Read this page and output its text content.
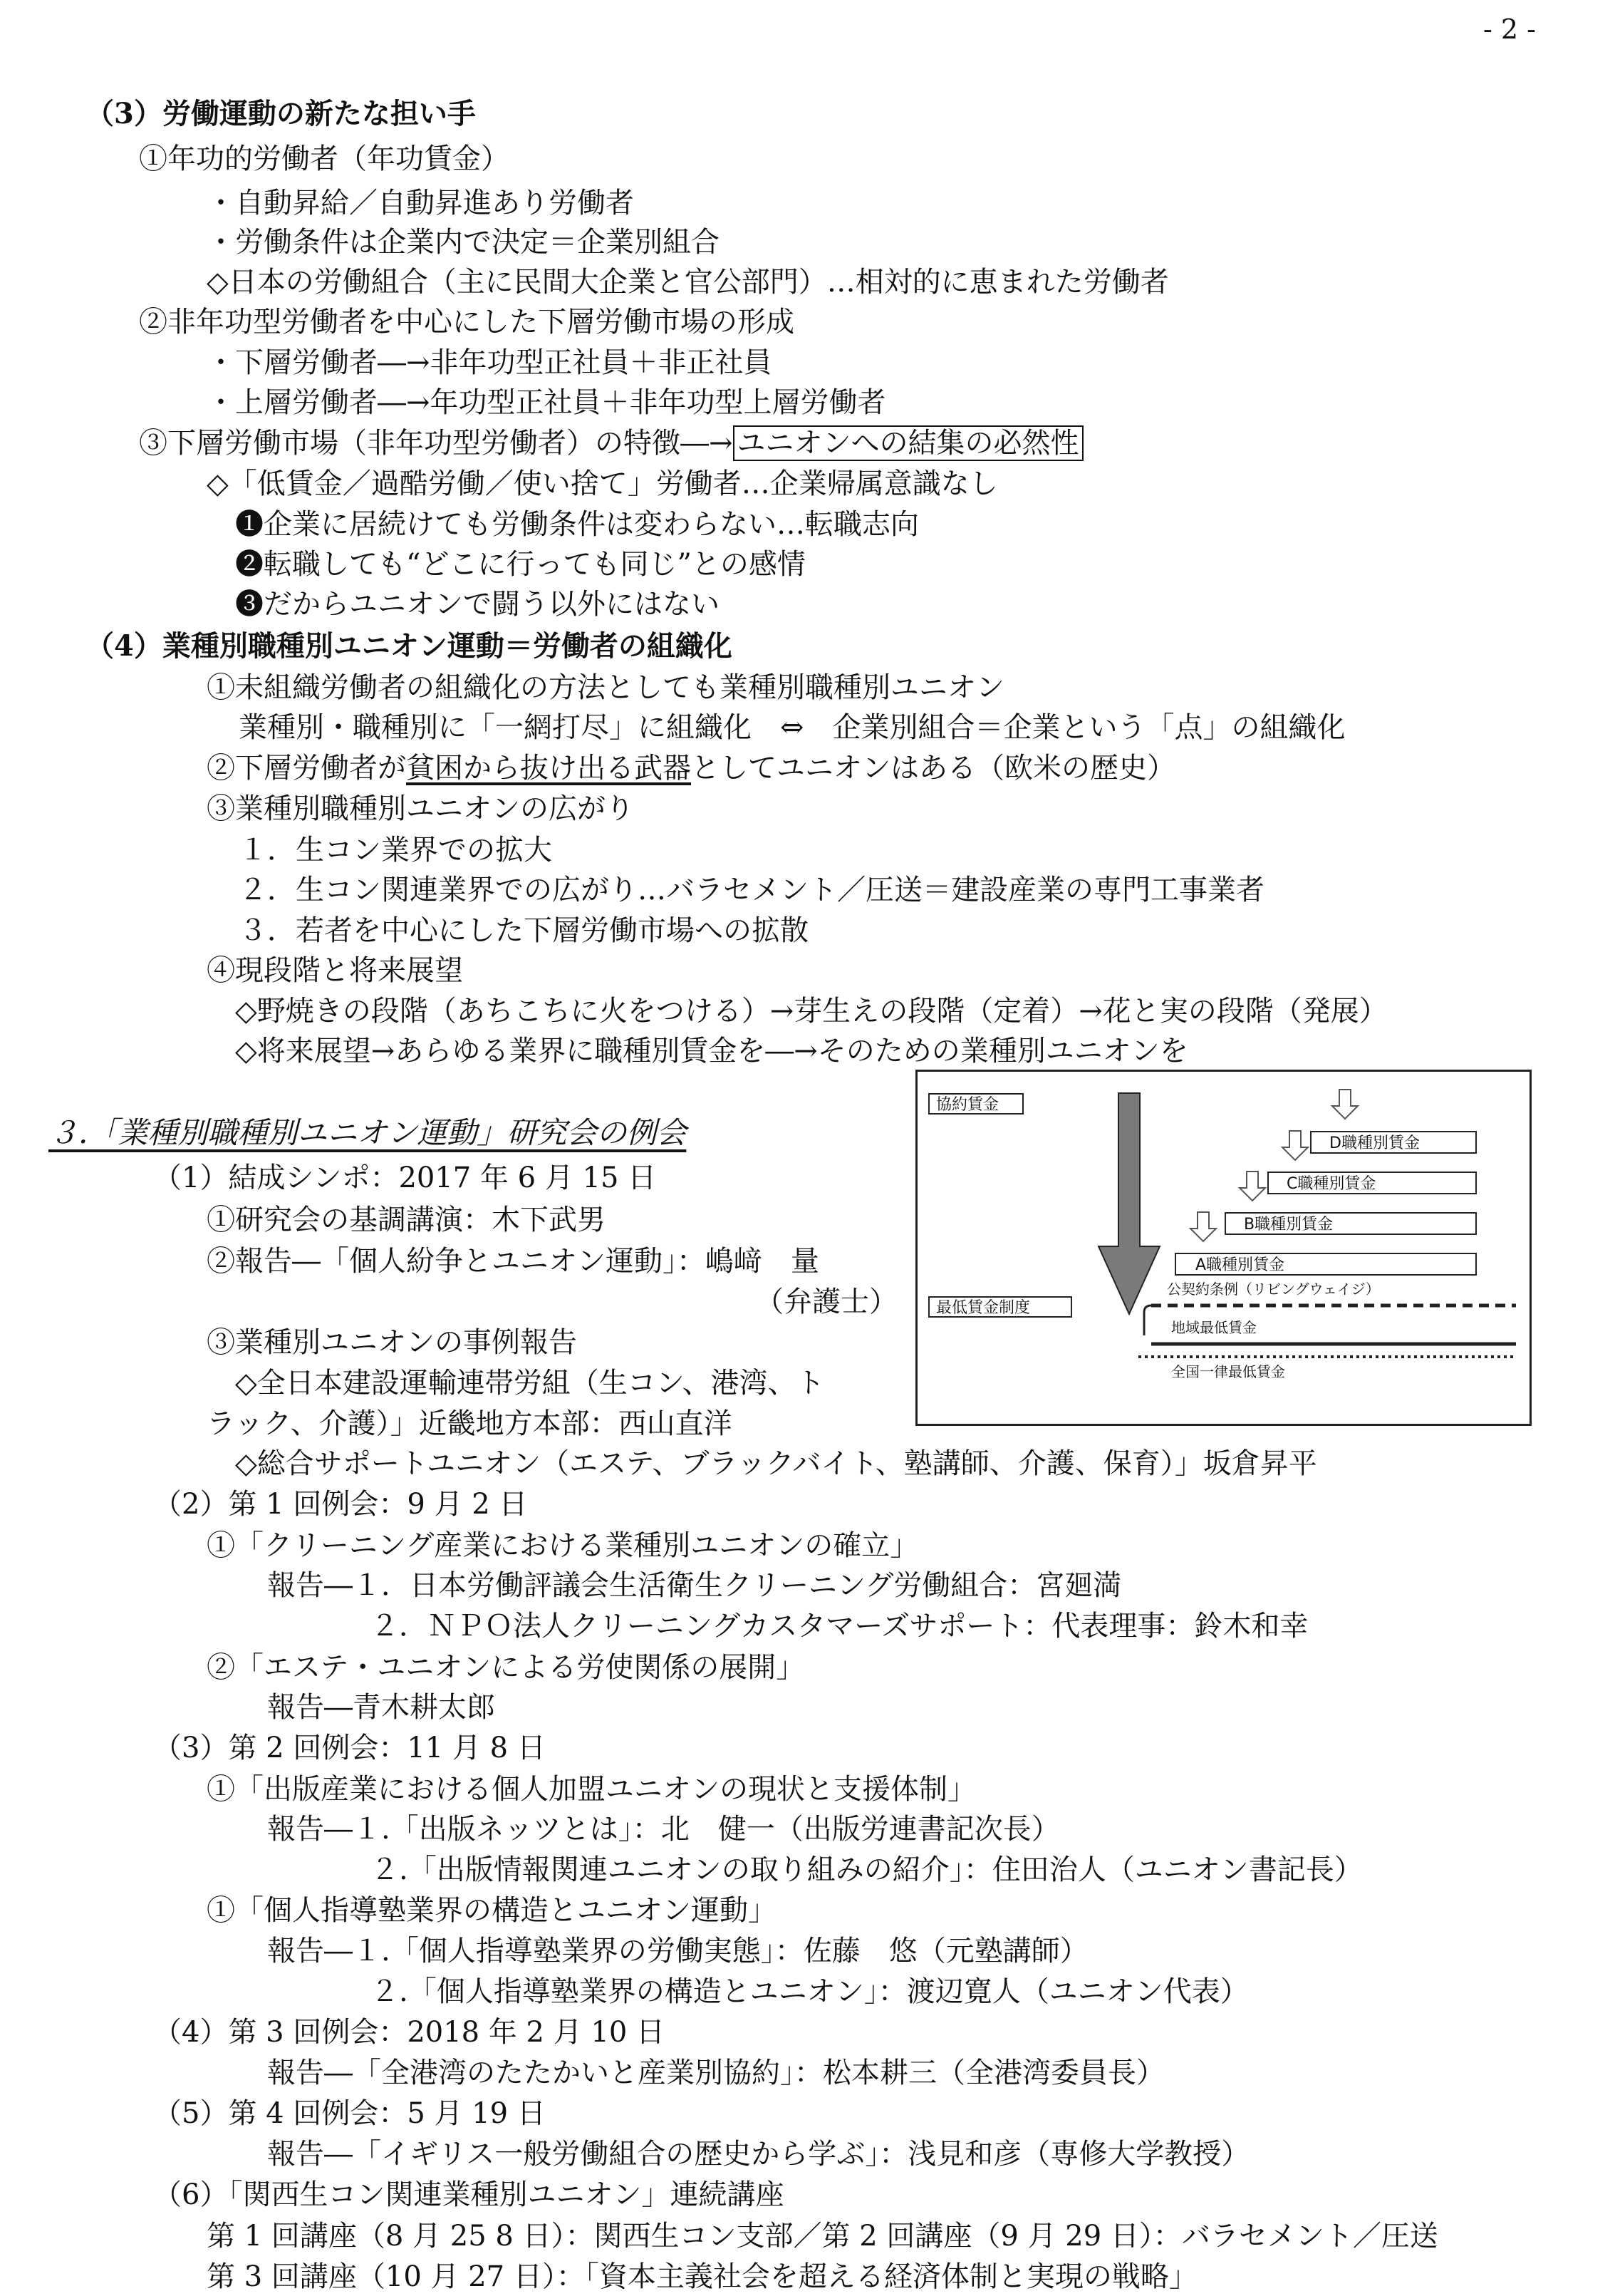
- 2 -
（3）労働運動の新たな担い手
①年功的労働者（年功賃金）
・自動昇給／自動昇進あり労働者
・労働条件は企業内で決定＝企業別組合
◇日本の労働組合（主に民間大企業と官公部門）…相対的に恵まれた労働者
②非年功型労働者を中心にした下層労働市場の形成
・下層労働者―→非年功型正社員＋非正社員
・上層労働者―→年功型正社員＋非年功型上層労働者
③下層労働市場（非年功型労働者）の特徴―→ ユニオンへの結集の必然性
◇「低賃金／過酷労働／使い捨て」労働者…企業帰属意識なし
❶企業に居続けても労働条件は変わらない…転職志向
❷転職しても“どこに行っても同じ”との感情
❸だからユニオンで闘う以外にはない
（4）業種別職種別ユニオン運動＝労働者の組織化
①未組織労働者の組織化の方法としても業種別職種別ユニオン
業種別・職種別に「一網打尽」に組織化　⇔　企業別組合＝企業という「点」の組織化
②下層労働者が貧困から抜け出る武器としてユニオンはある（欧米の歴史）
③業種別職種別ユニオンの広がり
１．生コン業界での拡大
２．生コン関連業界での広がり…バラセメント／圧送＝建設産業の専門工事業者
３．若者を中心にした下層労働市場への拡散
④現段階と将来展望
◇野焼きの段階（あちこちに火をつける）→芽生えの段階（定着）→花と実の段階（発展）
◇将来展望→あらゆる業界に職種別賃金を―→そのための業種別ユニオンを
３.「業種別職種別ユニオン運動」研究会の例会
（1）結成シンポ：2017 年 6 月 15 日
①研究会の基調講演：木下武男
②報告―「個人紛争とユニオン運動」：嶋﨑　量
（弁護士）
③業種別ユニオンの事例報告
◇全日本建設運輸連帯労組（生コン、港湾、ト
ラック、介護）」近畿地方本部：西山直洋
◇総合サポートユニオン（エステ、ブラックバイト、塾講師、介護、保育）」坂倉昇平
（2）第 1 回例会：9 月 2 日
①「クリーニング産業における業種別ユニオンの確立」
報告―１．日本労働評議会生活衛生クリーニング労働組合：宮廻満
２．ＮＰＯ法人クリーニングカスタマーズサポート：代表理事：鈴木和幸
②「エステ・ユニオンによる労使関係の展開」
報告―青木耕太郎
（3）第 2 回例会：11 月 8 日
①「出版産業における個人加盟ユニオンの現状と支援体制」
報告―１.「出版ネッツとは」：北　健一（出版労連書記次長）
２.「出版情報関連ユニオンの取り組みの紹介」：住田治人（ユニオン書記長）
①「個人指導塾業界の構造とユニオン運動」
報告―１.「個人指導塾業界の労働実態」：佐藤　悠（元塾講師）
２.「個人指導塾業界の構造とユニオン」：渡辺寛人（ユニオン代表）
（4）第 3 回例会：2018 年 2 月 10 日
報告―「全港湾のたたかいと産業別協約」：松本耕三（全港湾委員長）
（5）第 4 回例会：5 月 19 日
報告―「イギリス一般労働組合の歴史から学ぶ」：浅見和彦（専修大学教授）
（6）「関西生コン関連業種別ユニオン」連続講座
第 1 回講座（8 月 25 8 日）：関西生コン支部／第 2 回講座（9 月 29 日）：バラセメント／圧送
第 3 回講座（10 月 27 日）：「資本主義社会を超える経済体制と実現の戦略」
協約賃金
最低賃金制度
D職種別賃金
C職種別賃金
B職種別賃金
A職種別賃金
公契約条例（リビングウェイジ）
地域最低賃金
全国一律最低賃金
